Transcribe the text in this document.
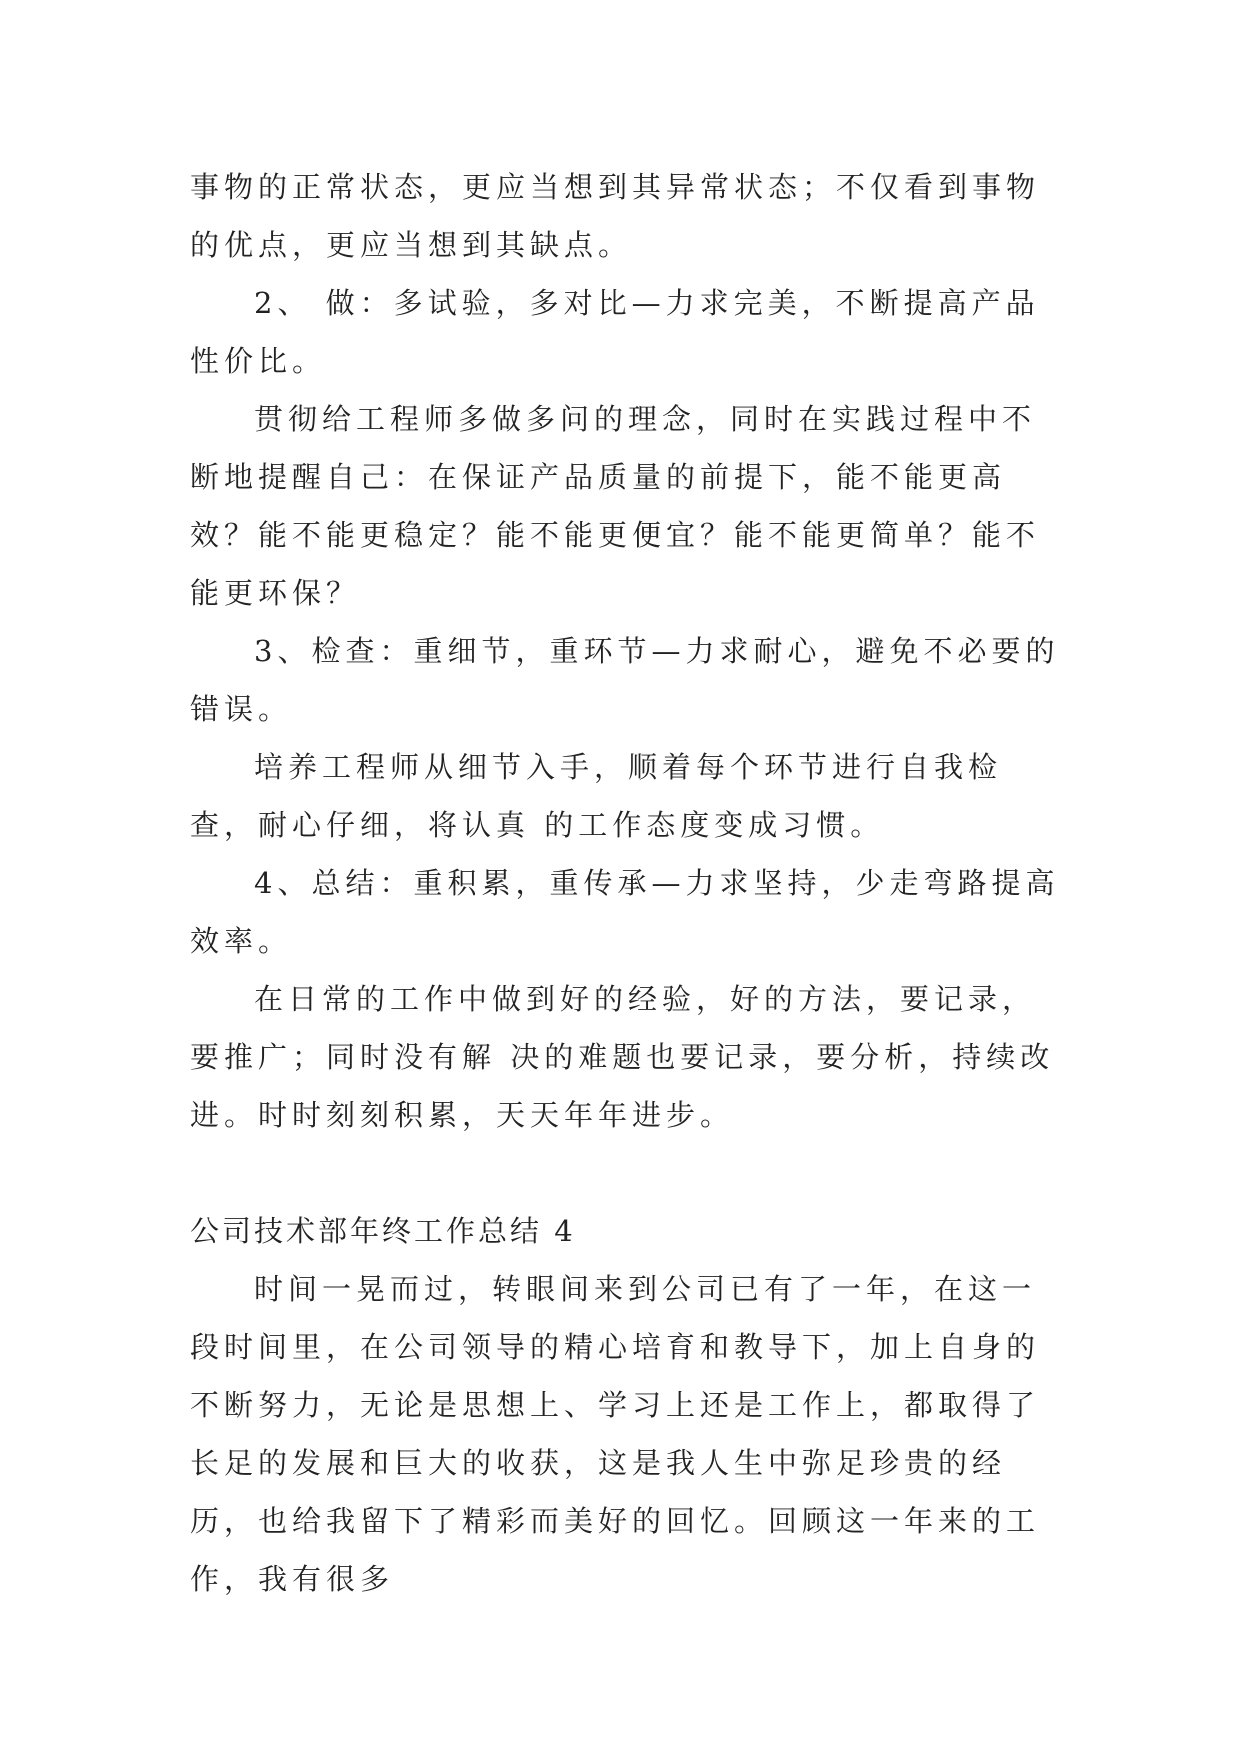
事物的正常状态，更应当想到其异常状态；不仅看到事物的优点，更应当想到其缺点。

2、 做：多试验，多对比—力求完美，不断提高产品性价比。

贯彻给工程师多做多问的理念，同时在实践过程中不断地提醒自己：在保证产品质量的前提下，能不能更高效？能不能更稳定？能不能更便宜？能不能更简单？能不能更环保？

3、检查：重细节，重环节—力求耐心，避免不必要的错误。

培养工程师从细节入手，顺着每个环节进行自我检查，耐心仔细，将认真 的工作态度变成习惯。

4、总结：重积累，重传承—力求坚持，少走弯路提高效率。

在日常的工作中做到好的经验，好的方法，要记录，要推广；同时没有解 决的难题也要记录，要分析，持续改进。时时刻刻积累，天天年年进步。

公司技术部年终工作总结 4

时间一晃而过，转眼间来到公司已有了一年，在这一段时间里，在公司领导的精心培育和教导下，加上自身的不断努力，无论是思想上、学习上还是工作上，都取得了长足的发展和巨大的收获，这是我人生中弥足珍贵的经历，也给我留下了精彩而美好的回忆。回顾这一年来的工作，我有很多
